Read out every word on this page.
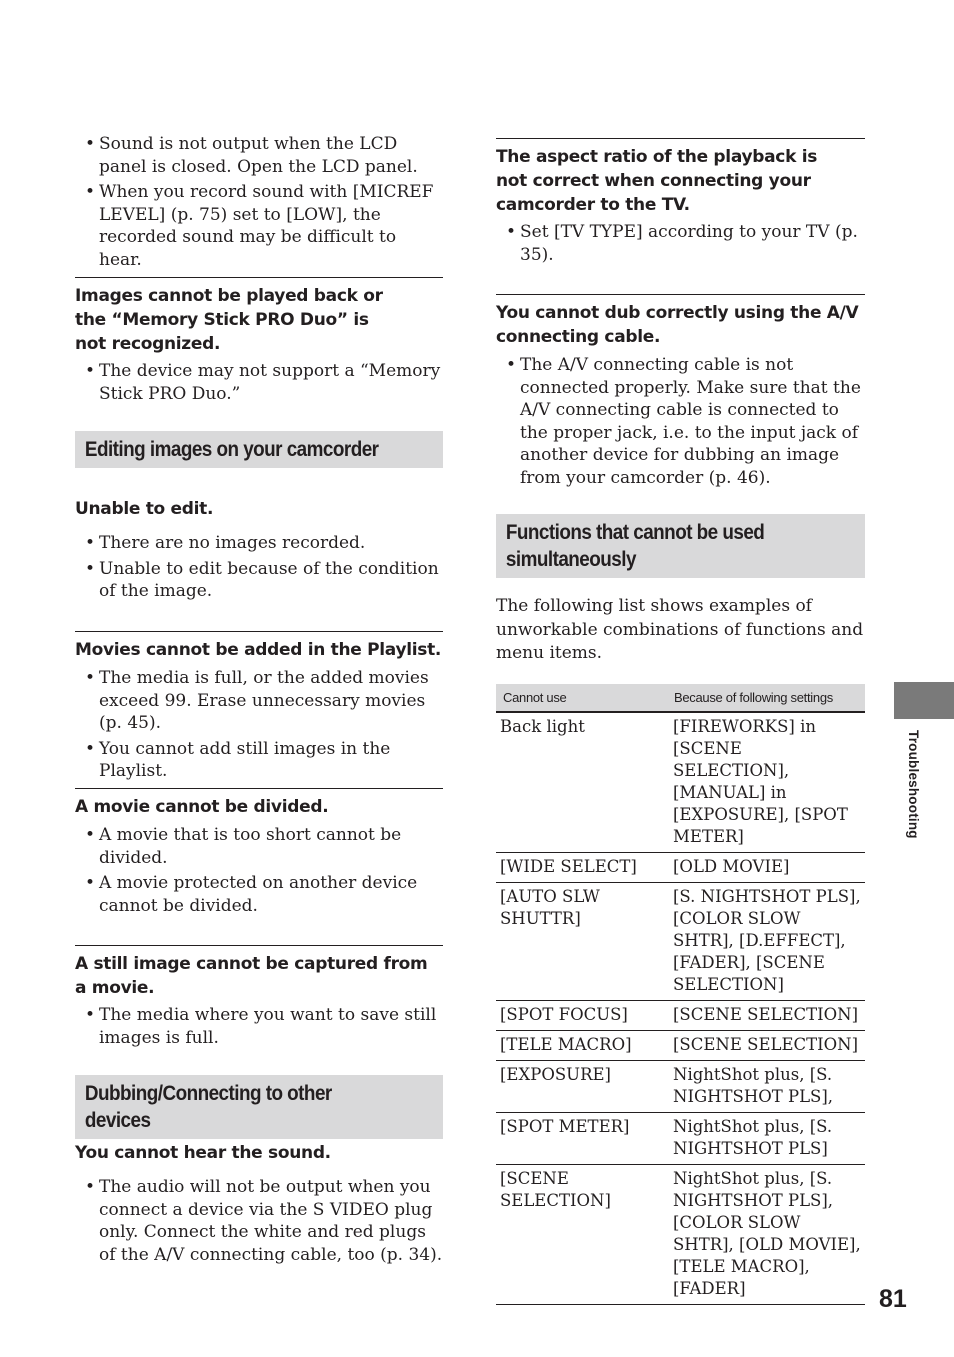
• Sound is not output when the LCD panel is closed. Open the LCD panel.
• When you record sound with [MICREF LEVEL] (p. 75) set to [LOW], the recorded sound may be difficult to hear.
Images cannot be played back or the “Memory Stick PRO Duo” is not recognized.
• The device may not support a “Memory Stick PRO Duo.”
Editing images on your camcorder
Unable to edit.
• There are no images recorded.
• Unable to edit because of the condition of the image.
Movies cannot be added in the Playlist.
• The media is full, or the added movies exceed 99. Erase unnecessary movies (p. 45).
• You cannot add still images in the Playlist.
A movie cannot be divided.
• A movie that is too short cannot be divided.
• A movie protected on another device cannot be divided.
A still image cannot be captured from a movie.
• The media where you want to save still images is full.
Dubbing/Connecting to other devices
You cannot hear the sound.
• The audio will not be output when you connect a device via the S VIDEO plug only. Connect the white and red plugs of the A/V connecting cable, too (p. 34).
The aspect ratio of the playback is not correct when connecting your camcorder to the TV.
• Set [TV TYPE] according to your TV (p. 35).
You cannot dub correctly using the A/V connecting cable.
• The A/V connecting cable is not connected properly. Make sure that the A/V connecting cable is connected to the proper jack, i.e. to the input jack of another device for dubbing an image from your camcorder (p. 46).
Functions that cannot be used simultaneously
The following list shows examples of unworkable combinations of functions and menu items.
Cannot use	Because of following settings
Back light	[FIREWORKS] in [SCENE SELECTION], [MANUAL] in [EXPOSURE], [SPOT METER]
[WIDE SELECT]	[OLD MOVIE]
[AUTO SLW SHUTTR]	[S. NIGHTSHOT PLS], [COLOR SLOW SHTR], [D.EFFECT], [FADER], [SCENE SELECTION]
[SPOT FOCUS]	[SCENE SELECTION]
[TELE MACRO]	[SCENE SELECTION]
[EXPOSURE]	NightShot plus, [S. NIGHTSHOT PLS],
[SPOT METER]	NightShot plus, [S. NIGHTSHOT PLS]
[SCENE SELECTION]	NightShot plus, [S. NIGHTSHOT PLS], [COLOR SLOW SHTR], [OLD MOVIE], [TELE MACRO], [FADER]
Troubleshooting
81
